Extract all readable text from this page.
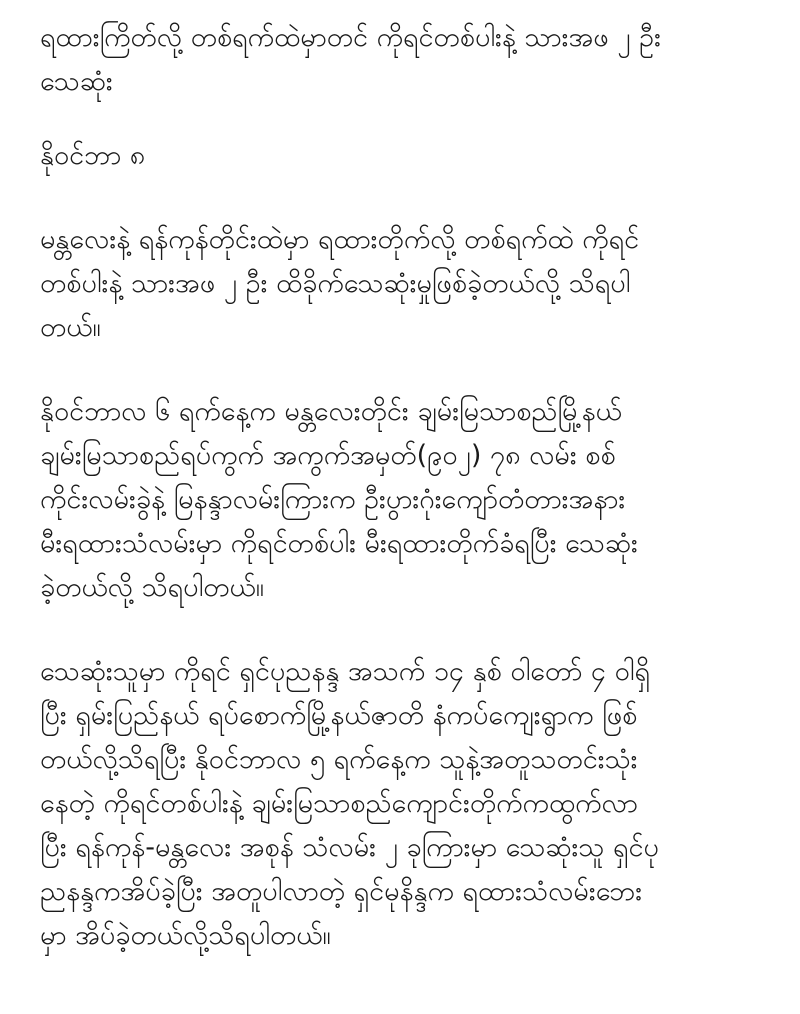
ရထားကြိတ်လို့ တစ်ရက်ထဲမှာတင် ကိုရင်တစ်ပါးနဲ့ သားအဖ ၂ ဦး
သေဆုံး

နိုဝင်ဘာ ၈

မန္တလေးနဲ့ ရန်ကုန်တိုင်းထဲမှာ ရထားတိုက်လို့ တစ်ရက်ထဲ ကိုရင်
တစ်ပါးနဲ့ သားအဖ ၂ ဦး ထိခိုက်သေဆုံးမှုဖြစ်ခဲ့တယ်လို့ သိရပါ
တယ်။

နိုဝင်ဘာလ ၆ ရက်နေ့က မန္တလေးတိုင်း ချမ်းမြသာစည်မြို့နယ်
ချမ်းမြသာစည်ရပ်ကွက် အကွက်အမှတ်(၉၀၂) ၇၈ လမ်း စစ်
ကိုင်းလမ်းခွဲနဲ့ မြနန္ဒာလမ်းကြားက ဦးပွားဂုံးကျော်တံတားအနား
မီးရထားသံလမ်းမှာ ကိုရင်တစ်ပါး မီးရထားတိုက်ခံရပြီး သေဆုံး
ခဲ့တယ်လို့ သိရပါတယ်။

သေဆုံးသူမှာ ကိုရင် ရှင်ပုညနန္ဒ အသက် ၁၄ နှစ် ဝါတော် ၄ ဝါရှိ
ပြီး ရှမ်းပြည်နယ် ရပ်စောက်မြို့နယ်ဇာတိ နံကပ်ကျေးရွာက ဖြစ်
တယ်လို့သိရပြီး နိုဝင်ဘာလ ၅ ရက်နေ့က သူနဲ့အတူသတင်းသုံး
နေတဲ့ ကိုရင်တစ်ပါးနဲ့ ချမ်းမြသာစည်ကျောင်းတိုက်ကထွက်လာ
ပြီး ရန်ကုန်-မန္တလေး အစုန် သံလမ်း ၂ ခုကြားမှာ သေဆုံးသူ ရှင်ပု
ညနန္ဒကအိပ်ခဲ့ပြီး အတူပါလာတဲ့ ရှင်မုနိန္ဒက ရထားသံလမ်းဘေး
မှာ အိပ်ခဲ့တယ်လို့သိရပါတယ်။
